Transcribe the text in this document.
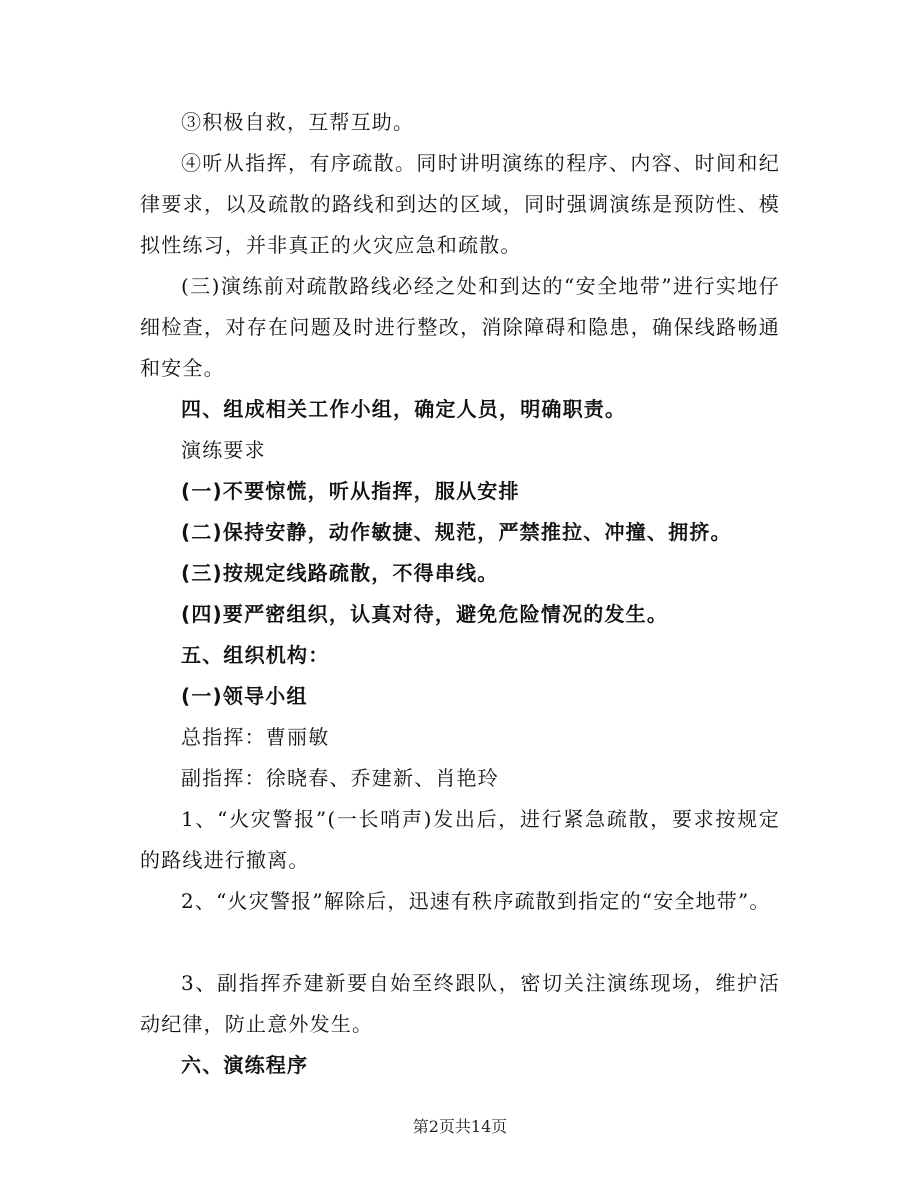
③积极自救，互帮互助。

④听从指挥，有序疏散。同时讲明演练的程序、内容、时间和纪律要求，以及疏散的路线和到达的区域，同时强调演练是预防性、模拟性练习，并非真正的火灾应急和疏散。

(三)演练前对疏散路线必经之处和到达的“安全地带”进行实地仔细检查，对存在问题及时进行整改，消除障碍和隐患，确保线路畅通和安全。

四、组成相关工作小组，确定人员，明确职责。

演练要求

(一)不要惊慌，听从指挥，服从安排

(二)保持安静，动作敏捷、规范，严禁推拉、冲撞、拥挤。

(三)按规定线路疏散，不得串线。

(四)要严密组织，认真对待，避免危险情况的发生。

五、组织机构：

(一)领导小组

总指挥：曹丽敏

副指挥：徐晓春、乔建新、肖艳玲

1、“火灾警报”(一长哨声)发出后，进行紧急疏散，要求按规定的路线进行撤离。

2、“火灾警报”解除后，迅速有秩序疏散到指定的“安全地带”。

3、副指挥乔建新要自始至终跟队，密切关注演练现场，维护活动纪律，防止意外发生。

六、演练程序

第2页共14页
